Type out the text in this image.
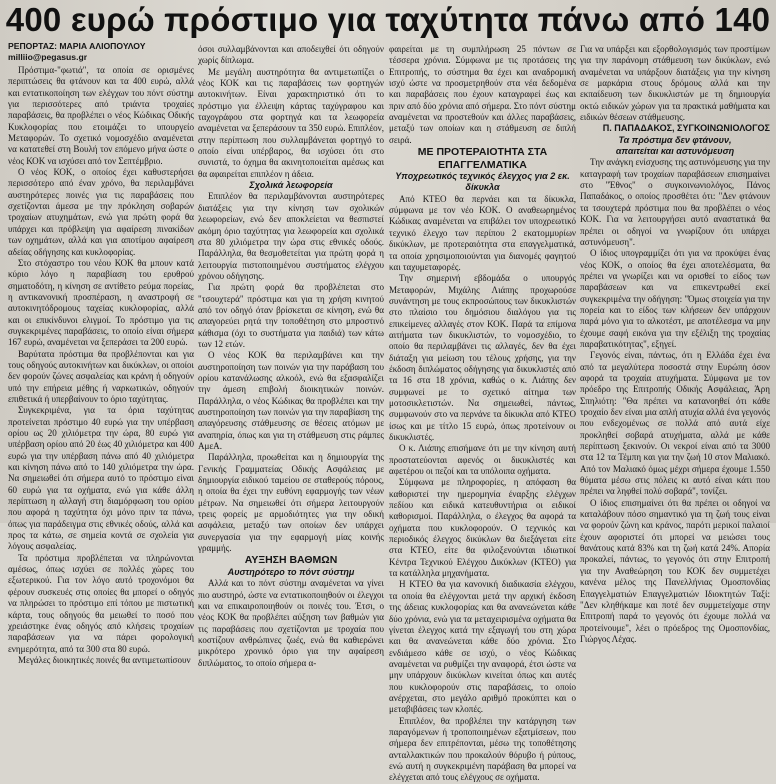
400 ευρώ πρόστιμο για ταχύτητα πάνω από 140
ΡΕΠΟΡΤΑΖ: ΜΑΡΙΑ ΑΛΙΟΠΟΥΛΟΥ
milliio@pegasus.gr

Πρόστιμα-"φωτιά", τα οποία σε ορισμένες περιπτώσεις θα φτάνουν και τα 400 ευρώ, αλλά και εντατικοποίηση των ελέγχων του πόντ σύστημ για περισσότερες από τριάντα τροχαίες παραβάσεις, θα προβλέπει ο νέος Κώδικας Οδικής Κυκλοφορίας που ετοιμάζει το υπουργείο Μεταφορών. Το σχετικό νομοσχέδιο αναμένεται να κατατεθεί στη Βουλή τον επόμενο μήνα ώστε ο νέος ΚΟΚ να ισχύσει από τον Σεπτέμβριο.

Ο νέος ΚΟΚ, ο οποίος έχει καθυστερήσει περισσότερο από έναν χρόνο, θα περιλαμβάνει αυστηρότερες ποινές για τις παραβάσεις που σχετίζονται άμεσα με την πρόκληση σοβαρών τροχαίων ατυχημάτων, ενώ για πρώτη φορά θα υπάρχει και πρόβλεψη για αφαίρεση πινακίδων των οχημάτων, αλλά και για αποτίμου αφαίρεση αδείας οδήγησης και κυκλοφορίας.

Στο στόχαστρο του νέου ΚΟΚ θα μπουν κατά κύριο λόγο η παραβίαση του ερυθρού σηματοδότη, η κίνηση σε αντίθετο ρεύμα πορείας, η αντικανονική προσπέραση, η αναστροφή σε αυτοκινητόδρομους ταχείας κυκλοφορίας, αλλά και οι επικίνδυνοι ελιγμοί. Το πρόστιμο για τις συγκεκριμένες παραβάσεις, το οποίο είναι σήμερα 167 ευρώ, αναμένεται να ξεπεράσει τα 200 ευρώ.

Βαρύτατα πρόστιμα θα προβλέπονται και για τους οδηγούς αυτοκινήτων και δικύκλων, οι οποίοι δεν φορούν ζώνες ασφαλείας και κράνη ή οδηγούν υπό την επήρεια μέθης ή ναρκωτικών, οδηγούν επιθετικά ή υπερβαίνουν το όριο ταχύτητας.

Συγκεκριμένα, για τα όρια ταχύτητας προτείνεται πρόστιμο 40 ευρώ για την υπέρβαση ορίου ως 20 χιλιόμετρα την ώρα, 80 ευρώ για υπέρβαση ορίου από 20 έως 40 χιλιόμετρα και 400 ευρώ για την υπέρβαση πάνω από 40 χιλιόμετρα και κίνηση πάνω από το 140 χιλιόμετρα την ώρα. Να σημειωθεί ότι σήμερα αυτό το πρόστιμο είναι 60 ευρώ για τα οχήματα, ενώ για κάθε άλλη περίπτωση η αλλαγή στη διαμόρφωση του ορίου που αφορά η ταχύτητα όχι μόνο πριν τα πάνω, όπως για παράδειγμα στις εθνικές οδούς, αλλά και προς τα κάτω, σε σημεία κοντά σε σχολεία για λόγους ασφαλείας.

Τα πρόστιμα προβλέπεται να πληρώνονται αμέσως, όπως ισχύει σε πολλές χώρες του εξωτερικού. Για τον λόγο αυτό τροχονόμοι θα φέρουν συσκευές στις οποίες θα μπορεί ο οδηγός να πληρώσει το πρόστιμο επί τόπου με πιστωτική κάρτα, τους οδηγούς θα μειωθεί το ποσό που χρειάστηκε ένας οδηγός από κλήσεις τροχαίων παραβάσεων για να πάρει φορολογική ενημερότητα, από τα 300 στα 80 ευρώ.

Μεγάλες διοικητικές ποινές θα αντιμετωπίσουν

όσοι συλλαμβάνονται και αποδειχθεί ότι οδηγούν χωρίς δίπλωμα.

Με μεγάλη αυστηρότητα θα αντιμετωπίζει ο νέος ΚΟΚ και τις παραβάσεις των φορτηγών αυτοκινήτων. Είναι χαρακτηριστικό ότι το πρόστιμο για έλλειψη κάρτας ταχύγραφου και ταχογράφου στα φορτηγά και τα λεωφορεία αναμένεται να ξεπεράσουν τα 350 ευρώ. Επιπλέον, στην περίπτωση που συλλαμβάνεται φορτηγό το οποίο είναι υπέρβαρος, θα ισχύσει ότι στο συνιστά, το όχημα θα ακινητοποιείται αμέσως και θα αφαιρείται επιπλέον η άδεια.

Σχολικά λεωφορεία

Επιπλέον θα περιλαμβάνονται αυστηρότερες διατάξεις για την κίνηση των σχολικών λεωφορείων, ενώ δεν αποκλείεται να θεσπιστεί ακόμη όριο ταχύτητας για λεωφορεία και σχολικά στα 80 χιλιόμετρα την ώρα στις εθνικές οδούς. Παράλληλα, θα θεσμοθετείται για πρώτη φορά η λειτουργία πιστοποιημένου συστήματος ελέγχου χρόνου οδήγησης.

Για πρώτη φορά θα προβλέπεται στο "τσουχτερά" πρόστιμα και για τη χρήση κινητού από τον οδηγό όταν βρίσκεται σε κίνηση, ενώ θα απαγορεύει ρητά την τοποθέτηση στο μπροστινό κάθισμα (όχι το συστήματα για παιδιά) των κάτω των 12 ετών.

Ο νέος ΚΟΚ θα περιλαμβάνει και την αυστηροποίηση των ποινών για την παράβαση του ορίου κατανάλωσης αλκοόλ, ενώ θα εξασφαλίζει την άμεση επιβολή διοικητικών ποινών. Παράλληλα, ο νέος Κώδικας θα προβλέπει και την αυστηροποίηση των ποινών για την παραβίαση της απαγόρευσης στάθμευσης σε θέσεις ατόμων με αναπηρία, όπως και για τη στάθμευση στις ράμπες ΑμεΑ.

Παράλληλα, προωθείται και η δημιουργία της Γενικής Γραμματείας Οδικής Ασφάλειας με δημιουργία ειδικού ταμείου σε σταθερούς πόρους, η οποία θα έχει την ευθύνη εφαρμογής των νέων μέτρων. Να σημειωθεί ότι σήμερα λειτουργούν τρεις φορείς με αρμοδιότητες για την οδική ασφάλεια, μεταξύ των οποίων δεν υπάρχει συνεργασία για την εφαρμογή μίας κοινής γραμμής.

ΑΥΞΗΣΗ ΒΑΘΜΩΝ
Αυστηρότερο το πόντ σύστημ

Αλλά και το πόντ σύστημ αναμένεται να γίνει πιο αυστηρό, ώστε να εντατικοποιηθούν οι έλεγχοι και να επικαιροποιηθούν οι ποινές του. Έτσι, ο νέος ΚΟΚ θα προβλέπει αύξηση των βαθμών για τις παραβάσεις που σχετίζονται με τροχαία που κοστίζουν ανθρώπινες ζωές, ενώ θα καθιερώνει μικρότερο χρονικό όριο για την αφαίρεση διπλώματος, το οποίο σήμερα α-

φαιρείται με τη συμπλήρωση 25 πόντων σε τέσσερα χρόνια. Σύμφωνα με τις προτάσεις της Επιτροπής, το σύστημα θα έχει και αναδρομική ισχύ ώστε να προσμετρηθούν στα νέα δεδομένα και παραβάσεις που έχουν καταγραφεί έως και πριν από δύο χρόνια από σήμερα. Στο πόντ σύστημ αναμένεται να προστεθούν και άλλες παραβάσεις, μεταξύ των οποίων και η στάθμευση σε διπλή σειρά.

ΜΕ ΠΡΟΤΕΡΑΙΟΤΗΤΑ ΣΤΑ ΕΠΑΓΓΕΛΜΑΤΙΚΑ
Υποχρεωτικός τεχνικός έλεγχος για 2 εκ. δίκυκλα

Από ΚΤΕΟ θα περνάει και τα δίκυκλα, σύμφωνα με τον νέο ΚΟΚ. Ο αναθεωρημένος Κώδικας αναμένεται να επιβάλει τον υποχρεωτικό τεχνικό έλεγχο των περίπου 2 εκατομμυρίων δικύκλων, με προτεραιότητα στα επαγγελματικά, τα οποία χρησιμοποιούνται για διανομές φαγητού και ταχυμεταφορές.

Την σημερινή εβδομάδα ο υπουργός Μεταφορών, Μιχάλης Λιάπης προχωρούσε συνάντηση με τους εκπροσώπους των δικυκλιστών στο πλαίσιο του δημόσιου διαλόγου για τις επικείμενες αλλαγές στον ΚΟΚ. Παρά τα επίμονα αιτήματα των δικυκλιστών, το νομοσχέδιο, το οποίο θα περιλαμβάνει τις αλλαγές, δεν θα έχει διάταξη για μείωση του τέλους χρήσης, για την έκδοση διπλώματος οδήγησης για δικυκλιστές από τα 16 στα 18 χρόνια, καθώς ο κ. Λιάπης δεν συμφωνεί με το σχετικό αίτημα των μοτοσικλετιστών. Να σημειωθεί, πάντως, συμφωνούν στο να περνάνε τα δίκυκλα από ΚΤΕΟ ίσως και με τίτλο 15 ευρώ, όπως προτείνουν οι δικυκλιστές.

Ο κ. Λιάπης επισήμανε ότι με την κίνηση αυτή προστατεύονται αφενός οι δικυκλιστές και αφετέρου οι πεζοί και τα υπόλοιπα οχήματα.

Σύμφωνα με πληροφορίες, η απόφαση θα καθοριστεί την ημερομηνία έναρξης ελέγχων πεδίου και ειδικά κατευθυντήρια οι ειδικοί καθορισμοί. Παράλληλα, ο έλεγχος θα αφορά τα οχήματα που κυκλοφορούν. Ο τεχνικός και περιοδικός έλεγχος δικύκλων θα διεξάγεται είτε στα ΚΤΕΟ, είτε θα φιλοξενούνται ιδιωτικοί Κέντρα Τεχνικού Ελέγχου Δικύκλων (ΚΤΕΟ) για τα κατάλληλα μηχανήματα.

Η ΚΤΕΟ θα για κανονική διαδικασία ελέγχου, τα οποία θα ελέγχονται μετά την αρχική έκδοση της άδειας κυκλοφορίας και θα ανανεώνεται κάθε δύο χρόνια, ενώ για τα μεταχειρισμένα οχήματα θα γίνεται έλεγχος κατά την εξαγωγή του στη χώρα και θα ανανεώνεται κάθε δύο χρόνια. Στο ενδιάμεσο κάθε σε ισχύ, ο νέος Κώδικας αναμένεται να ρυθμίζει την αναφορά, έτσι ώστε να μην υπάρχουν δικύκλων κινείται όπως και αυτές που κυκλοφορούν στις παραβάσεις, το οποίο ανέρχεται, στο μεγάλο αριθμό προκύπτει και ο μεταβιβάσεις των κλοπές.

Επιπλέον, θα προβλέπει την κατάργηση των παραγόμενων ή τροποποιημένων εξατμίσεων, που σήμερα δεν επιτρέπονται, μέσω της τοποθέτησης ανταλλακτικών που προκαλούν θόρυβο ή ρύπους, ενώ αυτή η συγκεκριμένη παράβαση θα μπορεί να ελέγχεται από τους ελέγχους σε οχήματα.

Για να υπάρξει και εξορθολογισμός των προστίμων για την παράνομη στάθμευση των δικύκλων, ενώ αναμένεται να υπάρξουν διατάξεις για την κίνηση σε μαρκάρια στους δρόμους αλλά και την εκπαίδευση των δικυκλιστών με τη δημιουργία οκτώ ειδικών χώρων για τα πρακτικά μαθήματα και ειδικών θέσεων στάθμευσης.

Π. ΠΑΠΑΔΑΚΟΣ, ΣΥΓΚΟΙΝΩΝΙΟΛΟΓΟΣ
Τα πρόστιμα δεν φτάνουν,
απαιτείται και αστυνόμευση

Την ανάγκη ενίσχυσης της αστυνόμευσης για την καταγραφή των τροχαίων παραβάσεων επισημαίνει στο "Έθνος" ο συγκοινωνιολόγος, Πάνος Παπαδάκος, ο οποίος προσθέτει ότι: "Δεν φτάνουν τα τσουχτερά πρόστιμα που θα προβλέπει ο νέος ΚΟΚ. Για να λειτουργήσει αυτό αναστατικά θα πρέπει οι οδηγοί να γνωρίζουν ότι υπάρχει αστυνόμευση".

Ο ίδιος υπογραμμίζει ότι για να προκύψει ένας νέος ΚΟΚ, ο οποίος θα έχει αποτελέσματα, θα πρέπει να γνωρίζει και να ορισθεί το είδος των παραβάσεων και να επικεντρωθεί εκεί συγκεκριμένα την οδήγηση: "Όμως στοιχεία για την πορεία και το είδος των κλήσεων δεν υπάρχουν παρά μόνο για το αλκοτέστ, με αποτέλεσμα να μην έχουμε σαφή εικόνα για την εξέλιξη της τροχαίας παραβατικότητας", εξηγεί.

Γεγονός είναι, πάντως, ότι η Ελλάδα έχει ένα από τα μεγαλύτερα ποσοστά στην Ευρώπη όσον αφορά τα τροχαία ατυχήματα. Σύμφωνα με τον πρόεδρο της Επιτροπής Οδικής Ασφάλειας, Άρη Σπηλιότη: "Θα πρέπει να κατανοηθεί ότι κάθε τροχαίο δεν είναι μια απλή ατυχία αλλά ένα γεγονός που ενδεχομένως σε πολλά από αυτά είχε προκληθεί σοβαρά ατυχήματα, αλλά με κάθε περίπτωση ξεκινούν. Οι νεκροί είναι από τα 3000 στα 12 τα Τέμπη και για την ζωή 10 στον Μαλιακό. Από τον Μαλιακό όμως μέχρι σήμερα έχουμε 1.550 θύματα μέσω στις πόλεις κι αυτό είναι κάτι που πρέπει να ληφθεί πολύ σοβαρά", τονίζει.

Ο ίδιος επισημαίνει ότι θα πρέπει οι οδηγοί να καταλάβουν πόσο σημαντικό για τη ζωή τους είναι να φορούν ζώνη και κράνος, παρότι μερικοί παλαιοί έχουν αφοριστεί ότι μπορεί να μειώσει τους θανάτους κατά 83% και τη ζωή κατά 24%. Απορία προκαλεί, πάντως, το γεγονός ότι στην Επιτροπή για την Αναθεώρηση του ΚΟΚ δεν συμμετέχει κανένα μέλος της Πανελλήνιας Ομοσπονδίας Επαγγελματιών Επαγγελματιών Ιδιοκτητών Ταξί: "Δεν κληθήκαμε και ποτέ δεν συμμετείχαμε στην Επιτροπή παρά το γεγονός ότι έχουμε πολλά να προτείνουμε", λέει ο πρόεδρος της Ομοσπονδίας, Γιώργος Λέχας.
